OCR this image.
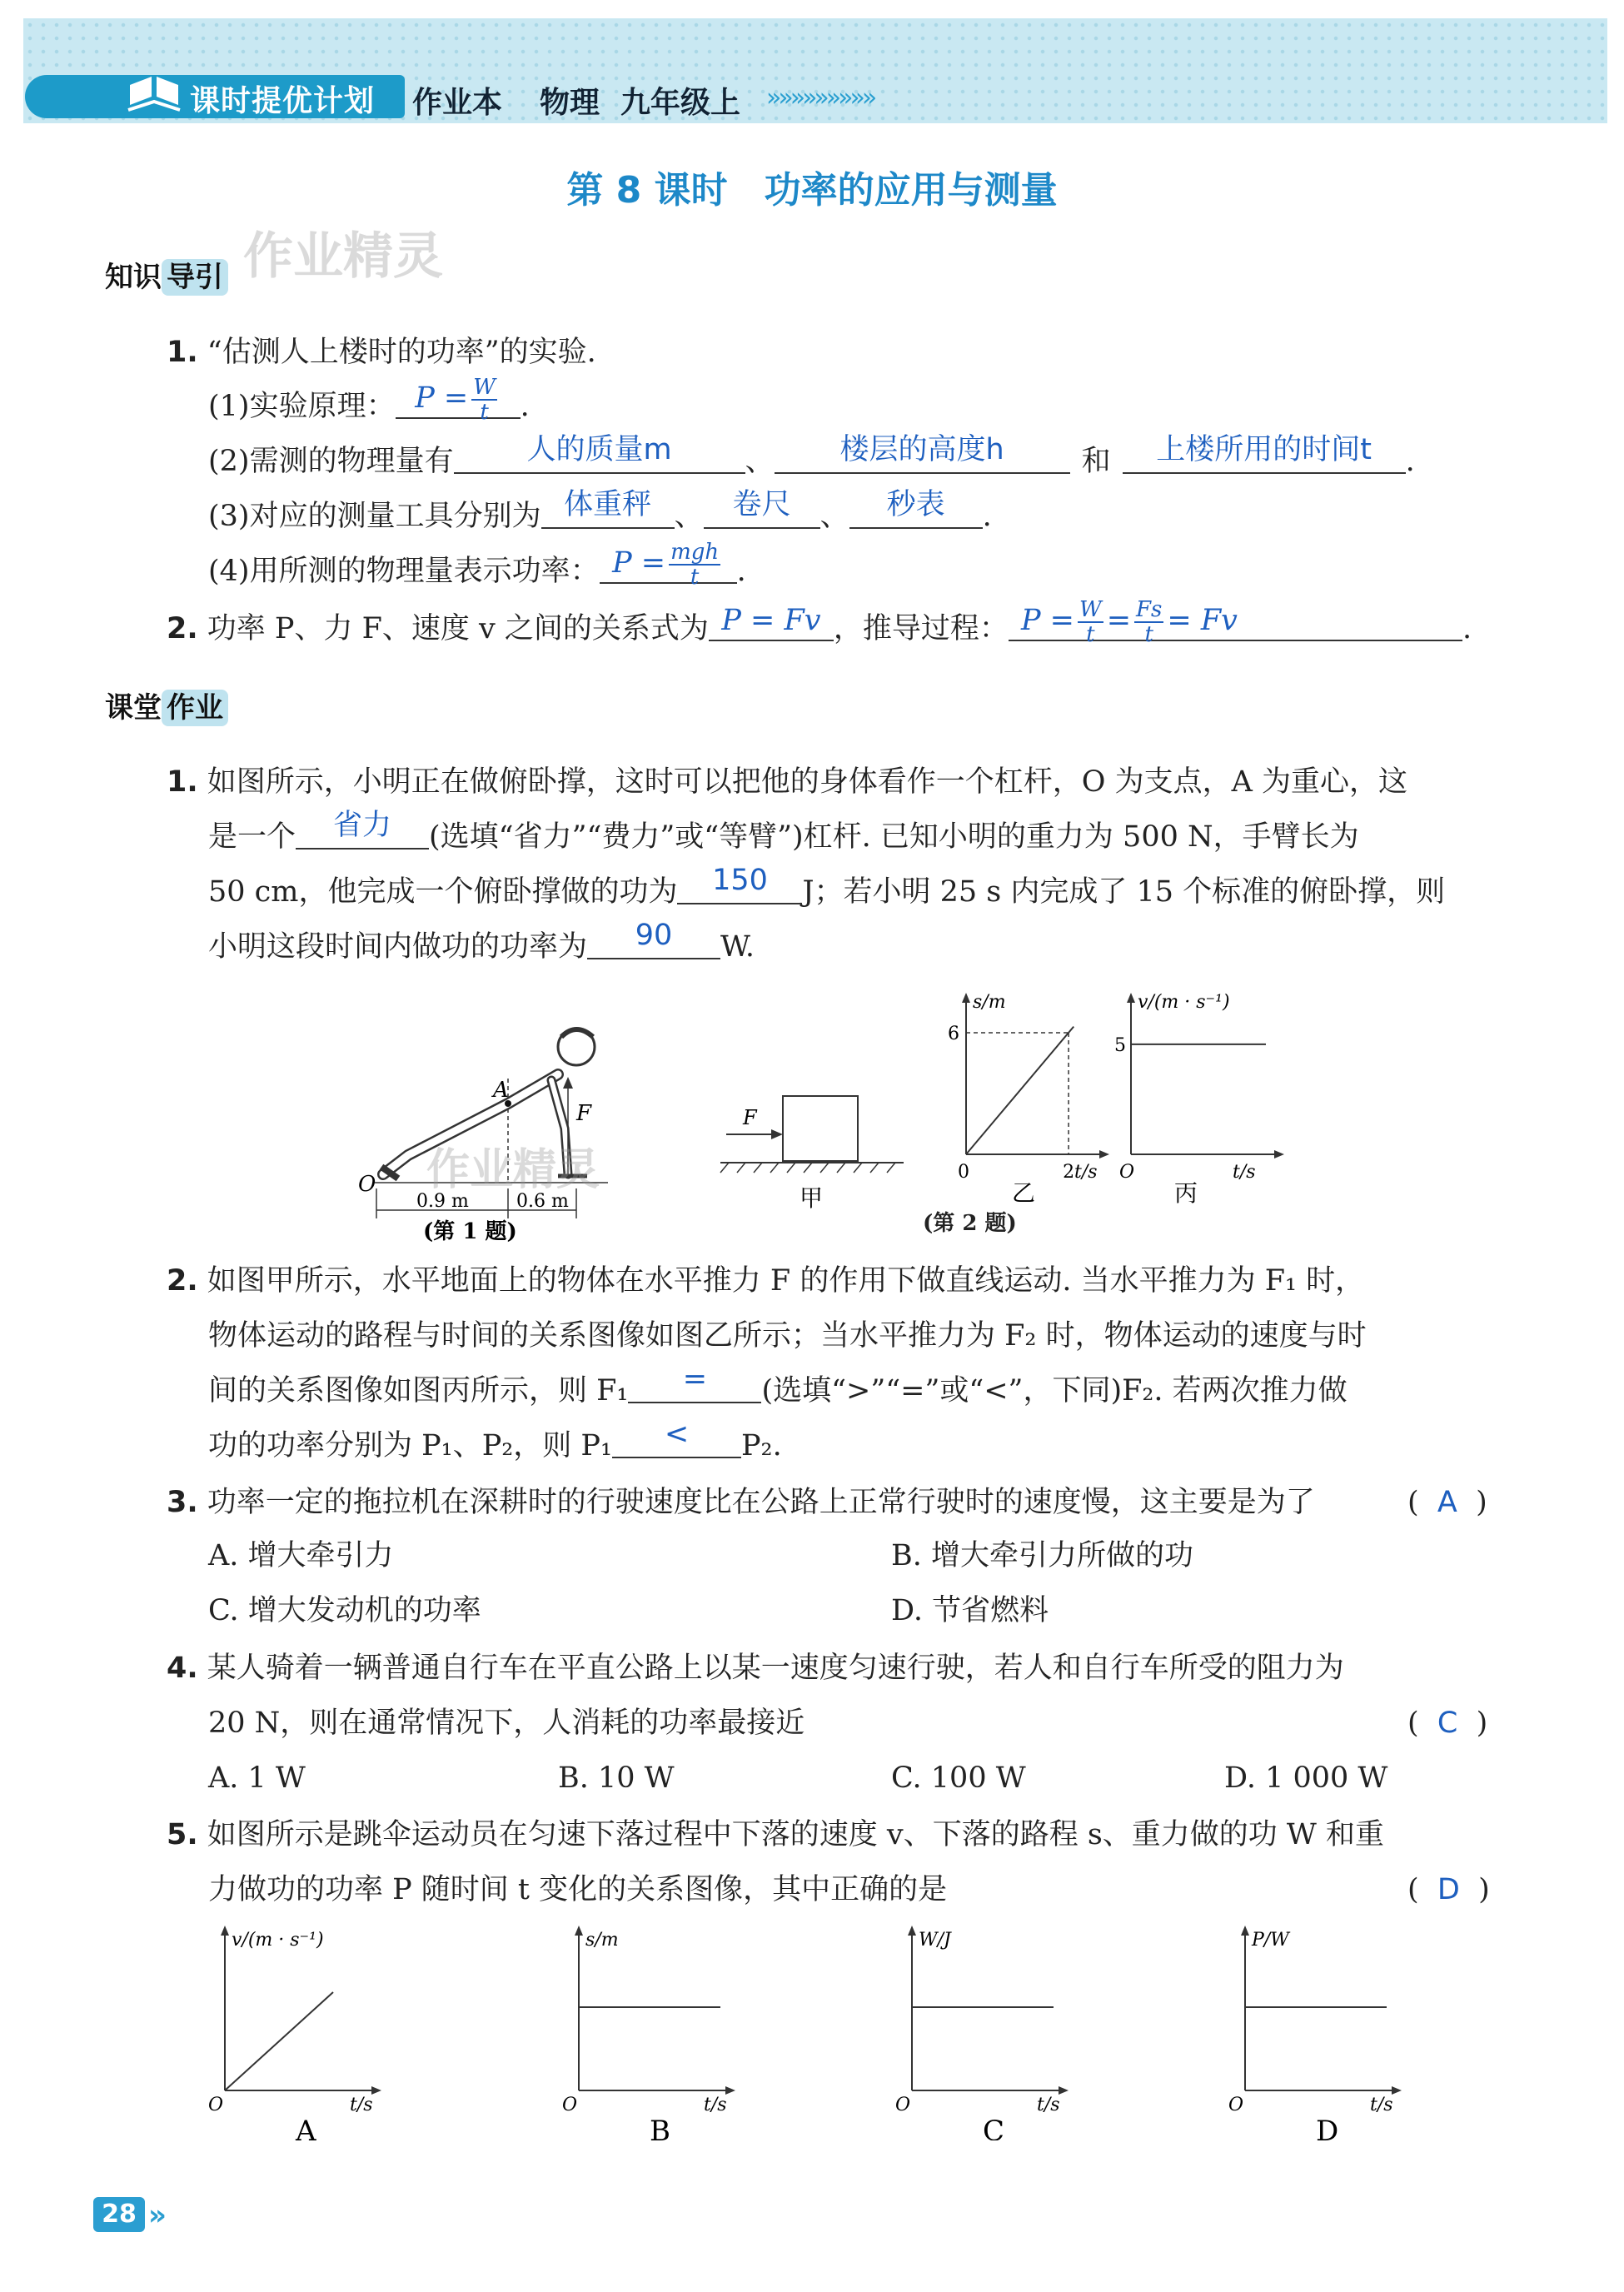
课时提优计划 作业本 物理 九年级上 »»»»»»»»»
第 8 课时　功率的应用与测量
知识 导引 作业精灵
1. “估测人上楼时的功率”的实验.
(1)实验原理： $P = \frac{W}{t}$ .
(2)需测的物理量有	人的质量m	、 楼层的高度h	和 上楼所用的时间t .
(3)对应的测量工具分别为 体重秤 、 卷尺 、 秒表 .
(4)用所测的物理量表示功率： $P = \frac{\text{mgh}}{t}$ .
2. 功率 P、力 F、速度 v 之间的关系式为 P = Fv ，推导过程： $P = \frac{W}{t} = \frac{Fs}{t} = Fv$	.
课堂 作业
1. 如图所示，小明正在做俯卧撑，这时可以把他的身体看作一个杠杆，O 为支点，A 为重心，这
是一个 省力 (选填“省力”“费力”或“等臂”)杠杆. 已知小明的重力为 500 N，手臂长为
50 cm，他完成一个俯卧撑做的功为 150 J；若小明 25 s 内完成了 15 个标准的俯卧撑，则
小明这段时间内做功的功率为 90 W.
A
F
O
0.9 m	0.6 m
(第 1 题)
作业精灵
F
甲
s/m
t/s
0
6
2
乙
v/(m · s⁻¹)
t/s
O
5
丙
(第 2 题)
2. 如图甲所示，水平地面上的物体在水平推力 F 的作用下做直线运动. 当水平推力为 F₁ 时，
物体运动的路程与时间的关系图像如图乙所示；当水平推力为 F₂ 时，物体运动的速度与时
间的关系图像如图丙所示，则 F₁ = (选填“>”“=”或“<”，下同)F₂. 若两次推力做
功的功率分别为 P₁、P₂，则 P₁ < P₂.
3. 功率一定的拖拉机在深耕时的行驶速度比在公路上正常行驶时的速度慢，这主要是为了	(  A  )
A. 增大牵引力	B. 增大牵引力所做的功
C. 增大发动机的功率	D. 节省燃料
4. 某人骑着一辆普通自行车在平直公路上以某一速度匀速行驶，若人和自行车所受的阻力为
20 N，则在通常情况下，人消耗的功率最接近	(  C  )
A. 1 W	B. 10 W	C. 100 W	D. 1 000 W
5. 如图所示是跳伞运动员在匀速下落过程中下落的速度 v、下落的路程 s、重力做的功 W 和重
力做功的功率 P 随时间 t 变化的关系图像，其中正确的是	(  D  )
v/(m · s⁻¹)
t/s
O
A
s/m
t/s
O
B
W/J
t/s
O
C
P/W
t/s
O
D
28 »
